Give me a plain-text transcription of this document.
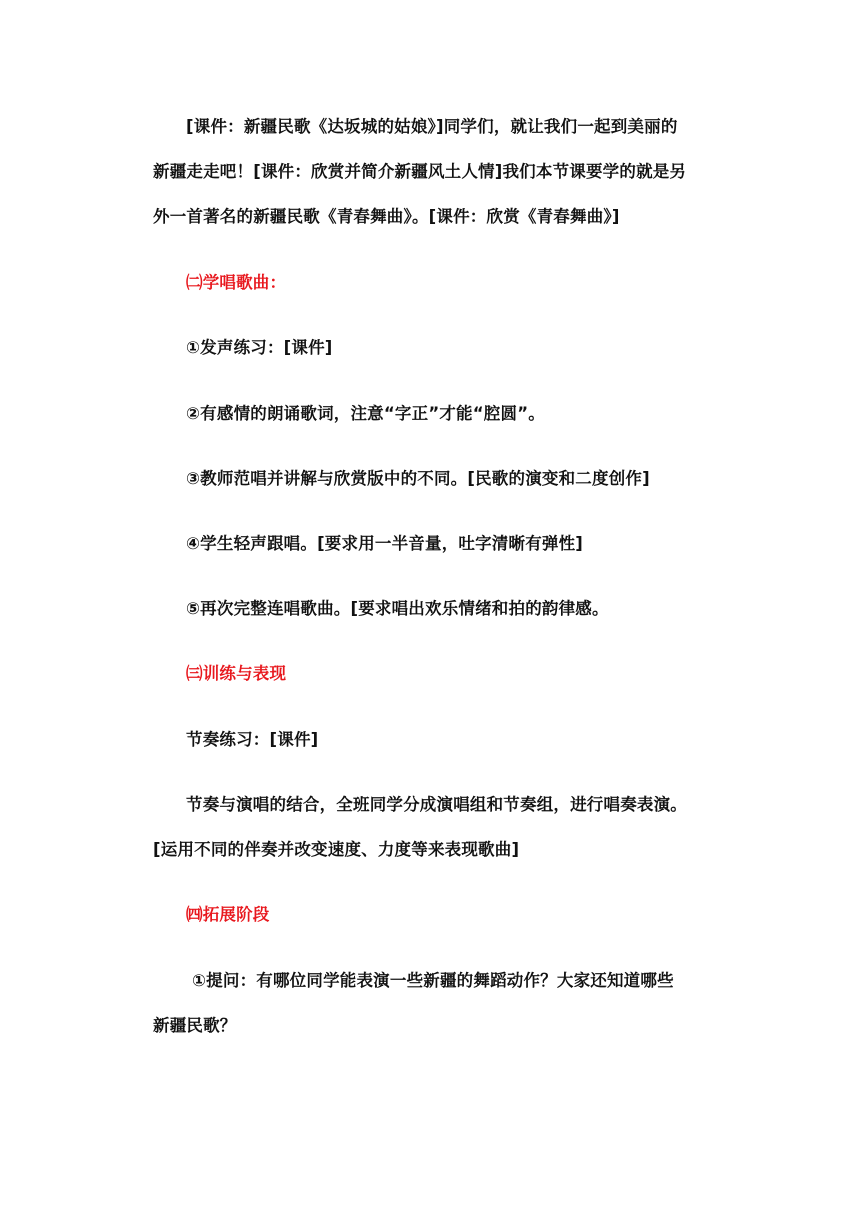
[课件：新疆民歌《达坂城的姑娘》]同学们，就让我们一起到美丽的
新疆走走吧！[课件：欣赏并简介新疆风土人情]我们本节课要学的就是另
外一首著名的新疆民歌《青春舞曲》。[课件：欣赏《青春舞曲》]
㈡学唱歌曲：
①发声练习：[课件]
②有感情的朗诵歌词，注意“字正”才能“腔圆”。
③教师范唱并讲解与欣赏版中的不同。[民歌的演变和二度创作]
④学生轻声跟唱。[要求用一半音量，吐字清晰有弹性]
⑤再次完整连唱歌曲。[要求唱出欢乐情绪和拍的韵律感。
㈢训练与表现
节奏练习：[课件]
节奏与演唱的结合，全班同学分成演唱组和节奏组，进行唱奏表演。
[运用不同的伴奏并改变速度、力度等来表现歌曲]
㈣拓展阶段
①提问：有哪位同学能表演一些新疆的舞蹈动作？大家还知道哪些
新疆民歌？
